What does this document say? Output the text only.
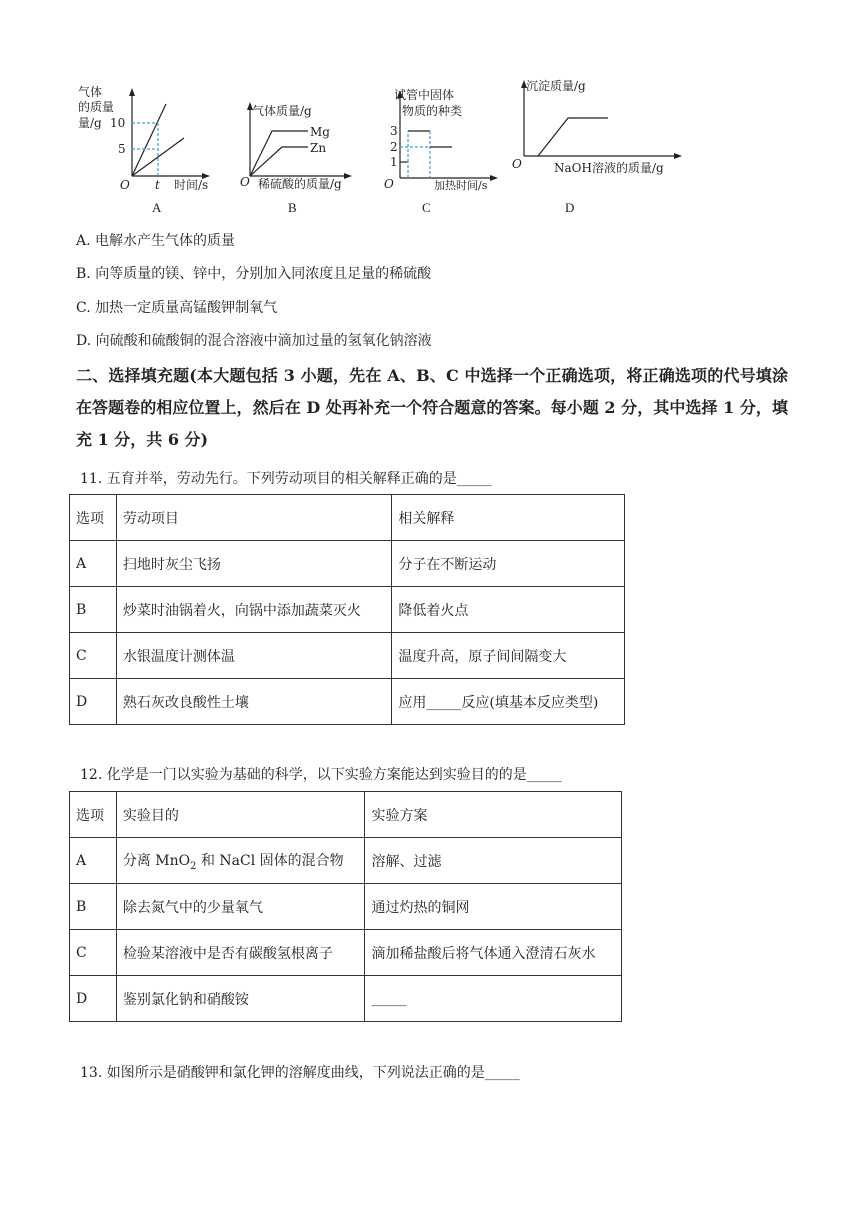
气体
的质量
量/g 10
5
O t 时间/s
A
气体质量/g
Mg
Zn
O 稀硫酸的质量/g
B
试管中固体
物质的种类
3
2
1
O	加热时间/s
C
沉淀质量/g
O	NaOH溶液的质量/g
D
A. 电解水产生气体的质量
B. 向等质量的镁、锌中，分别加入同浓度且足量的稀硫酸
C. 加热一定质量高锰酸钾制氧气
D. 向硫酸和硫酸铜的混合溶液中滴加过量的氢氧化钠溶液
二、选择填充题(本大题包括 3 小题，先在 A、B、C 中选择一个正确选项，将正确选项的代号填涂在答题卷的相应位置上，然后在 D 处再补充一个符合题意的答案。每小题 2 分，其中选择 1 分，填充 1 分，共 6 分)
11. 五育并举，劳动先行。下列劳动项目的相关解释正确的是_____
选项	劳动项目	相关解释
A	扫地时灰尘飞扬	分子在不断运动
B	炒菜时油锅着火，向锅中添加蔬菜灭火	降低着火点
C	水银温度计测体温	温度升高，原子间间隔变大
D	熟石灰改良酸性土壤	应用_____反应(填基本反应类型)
12. 化学是一门以实验为基础的科学，以下实验方案能达到实验目的的是_____
选项	实验目的	实验方案
A	分离 MnO$_2$ 和 NaCl 固体的混合物	溶解、过滤
B	除去氮气中的少量氧气	通过灼热的铜网
C	检验某溶液中是否有碳酸氢根离子	滴加稀盐酸后将气体通入澄清石灰水
D	鉴别氯化钠和硝酸铵	_____
13. 如图所示是硝酸钾和氯化钾的溶解度曲线，下列说法正确的是_____
